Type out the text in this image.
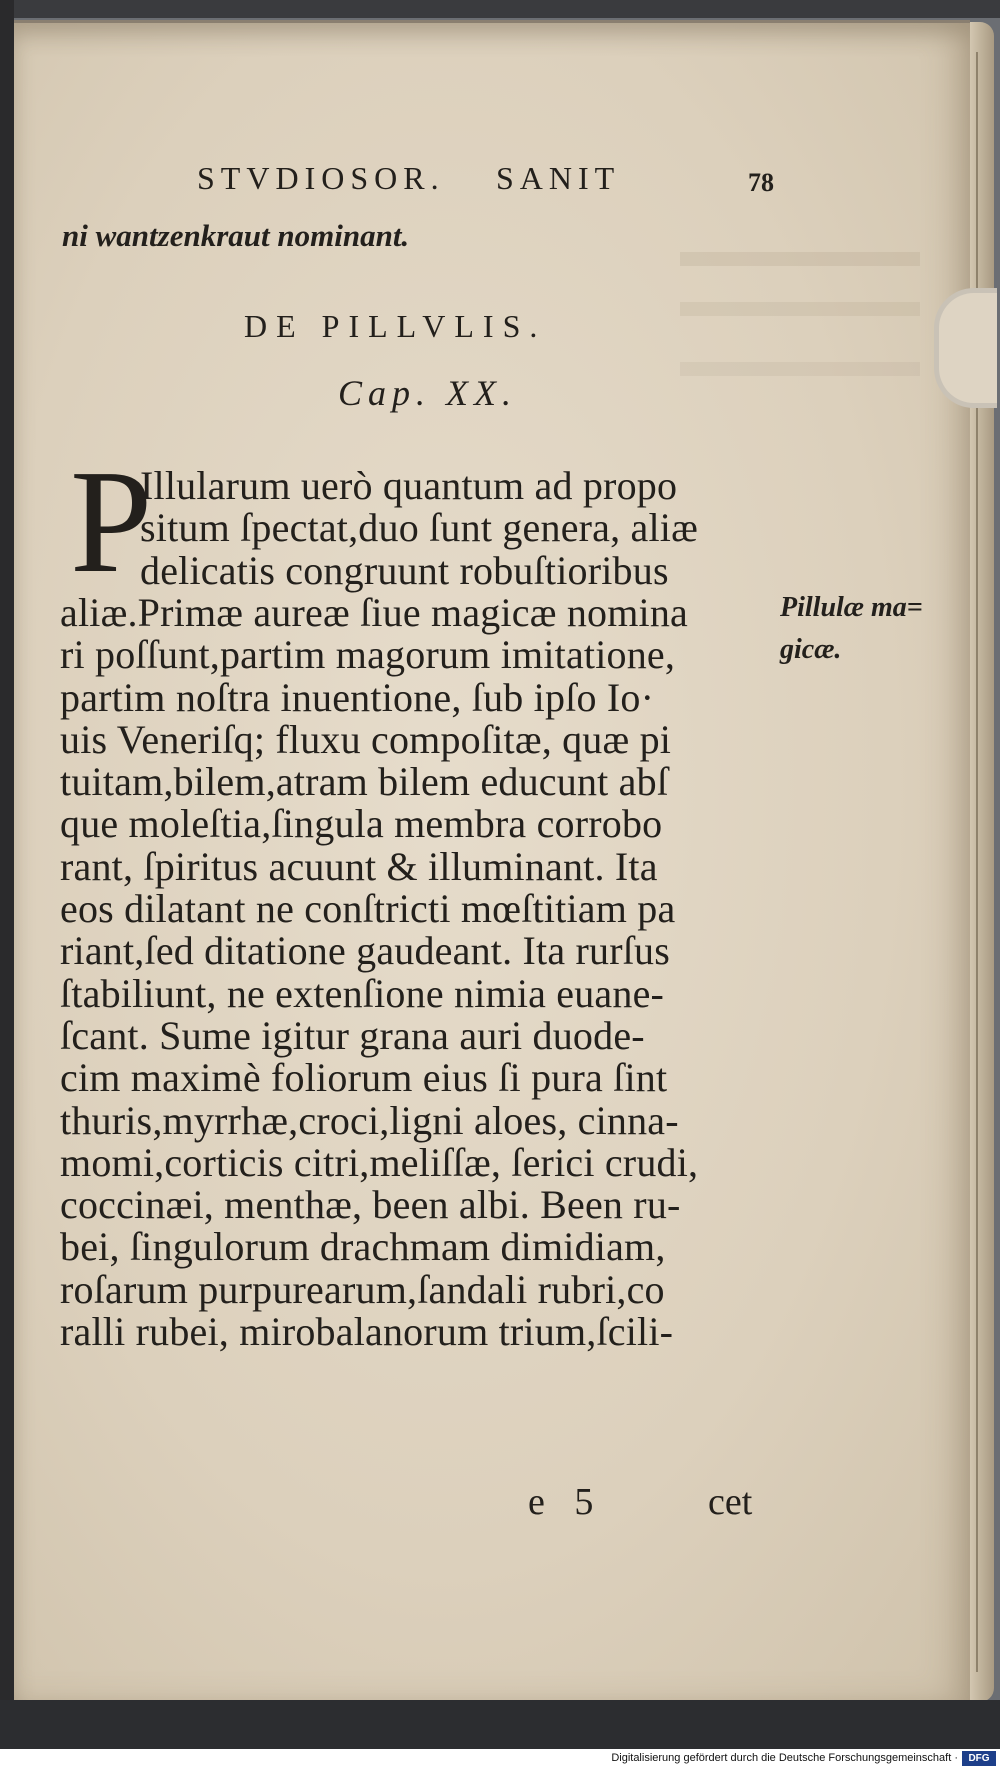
STVDIOSOR. SANIT	78
ni wantzenkraut nominant.
DE PILLVLIS.
Cap. XX.
P
Illularum uerò quantum ad propo
situm ſpectat,duo ſunt genera, aliæ
delicatis congruunt robuſtioribus
aliæ.Primæ aureæ ſiue magicæ nomina
ri poſſunt,partim magorum imitatione,
partim noſtra inuentione, ſub ipſo Io·
uis Veneriſq; fluxu compoſitæ, quæ pi
tuitam,bilem,atram bilem educunt abſ
que moleſtia,ſingula membra corrobo
rant, ſpiritus acuunt & illuminant. Ita
eos dilatant ne conſtricti mœſtitiam pa
riant,ſed ditatione gaudeant. Ita rurſus
ſtabiliunt, ne extenſione nimia euane-
ſcant. Sume igitur grana auri duode-
cim maximè foliorum eius ſi pura ſint
thuris,myrrhæ,croci,ligni aloes, cinna-
momi,corticis citri,meliſſæ, ſerici crudi,
coccinæi, menthæ, been albi. Been ru-
bei, ſingulorum drachmam dimidiam,
roſarum purpurearum,ſandali rubri,co
ralli rubei, mirobalanorum trium,ſcili-
Pillulæ ma=
gicæ.
e 5	cet
Digitalisierung gefördert durch die Deutsche Forschungsgemeinschaft ·	DFG
